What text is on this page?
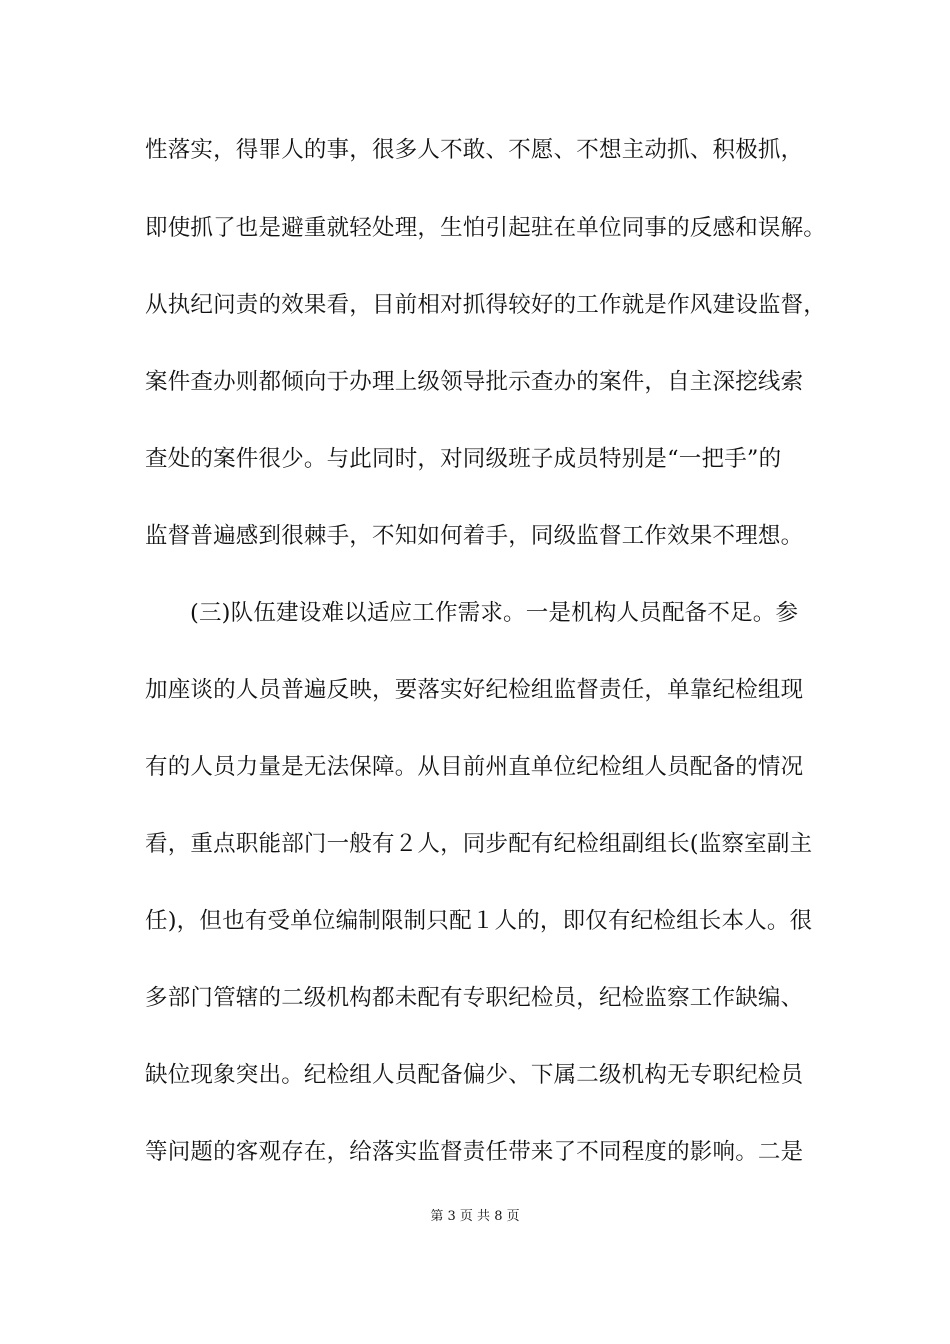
性落实，得罪人的事，很多人不敢、不愿、不想主动抓、积极抓，
即使抓了也是避重就轻处理，生怕引起驻在单位同事的反感和误解。
从执纪问责的效果看，目前相对抓得较好的工作就是作风建设监督，
案件查办则都倾向于办理上级领导批示查办的案件，自主深挖线索
查处的案件很少。与此同时，对同级班子成员特别是“一把手”的
监督普遍感到很棘手，不知如何着手，同级监督工作效果不理想。
(三)队伍建设难以适应工作需求。一是机构人员配备不足。参
加座谈的人员普遍反映，要落实好纪检组监督责任，单靠纪检组现
有的人员力量是无法保障。从目前州直单位纪检组人员配备的情况
看，重点职能部门一般有２人，同步配有纪检组副组长(监察室副主
任)，但也有受单位编制限制只配１人的，即仅有纪检组长本人。很
多部门管辖的二级机构都未配有专职纪检员，纪检监察工作缺编、
缺位现象突出。纪检组人员配备偏少、下属二级机构无专职纪检员
等问题的客观存在，给落实监督责任带来了不同程度的影响。二是
第 3 页 共 8 页
